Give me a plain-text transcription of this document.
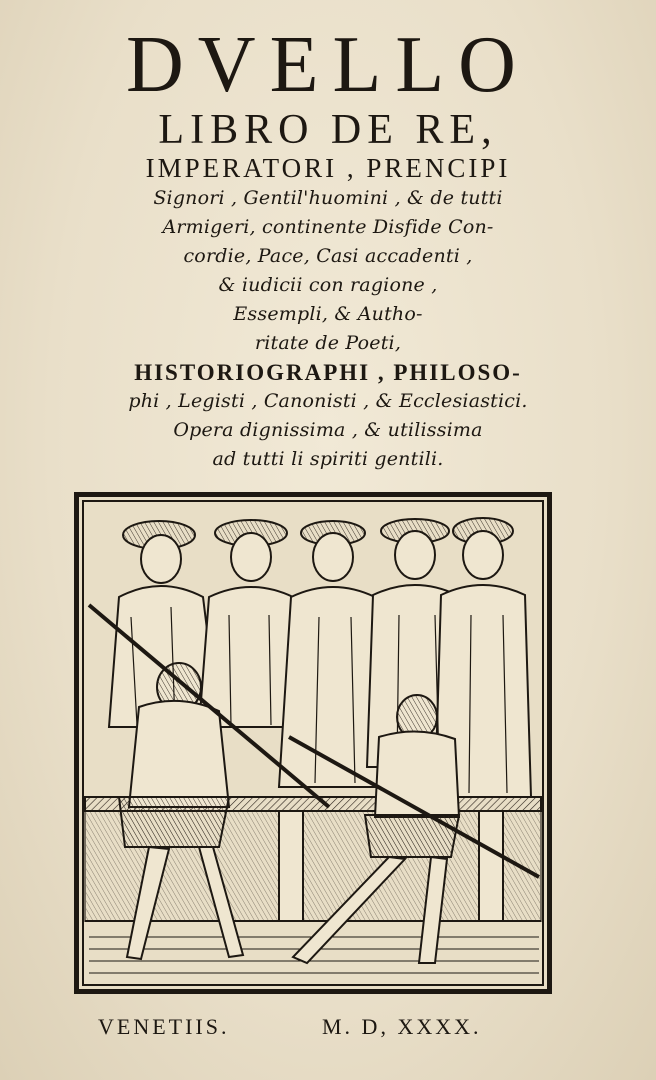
DVELLO

LIBRO DE RE,

IMPERATORI , PRENCIPI

Signori , Gentil'huomini , & de tutti

Armigeri, continente Disfide Con-

cordie, Pace, Casi accadenti ,

& iudicii con ragione ,

Essempli, & Autho-

ritate de Poeti,

HISTORIOGRAPHI , PHILOSO-

phi , Legisti , Canonisti , & Ecclesiastici.

Opera dignissima , & utilissima

ad tutti li spiriti gentili.

VENETIIS.	M. D, XXXX.
